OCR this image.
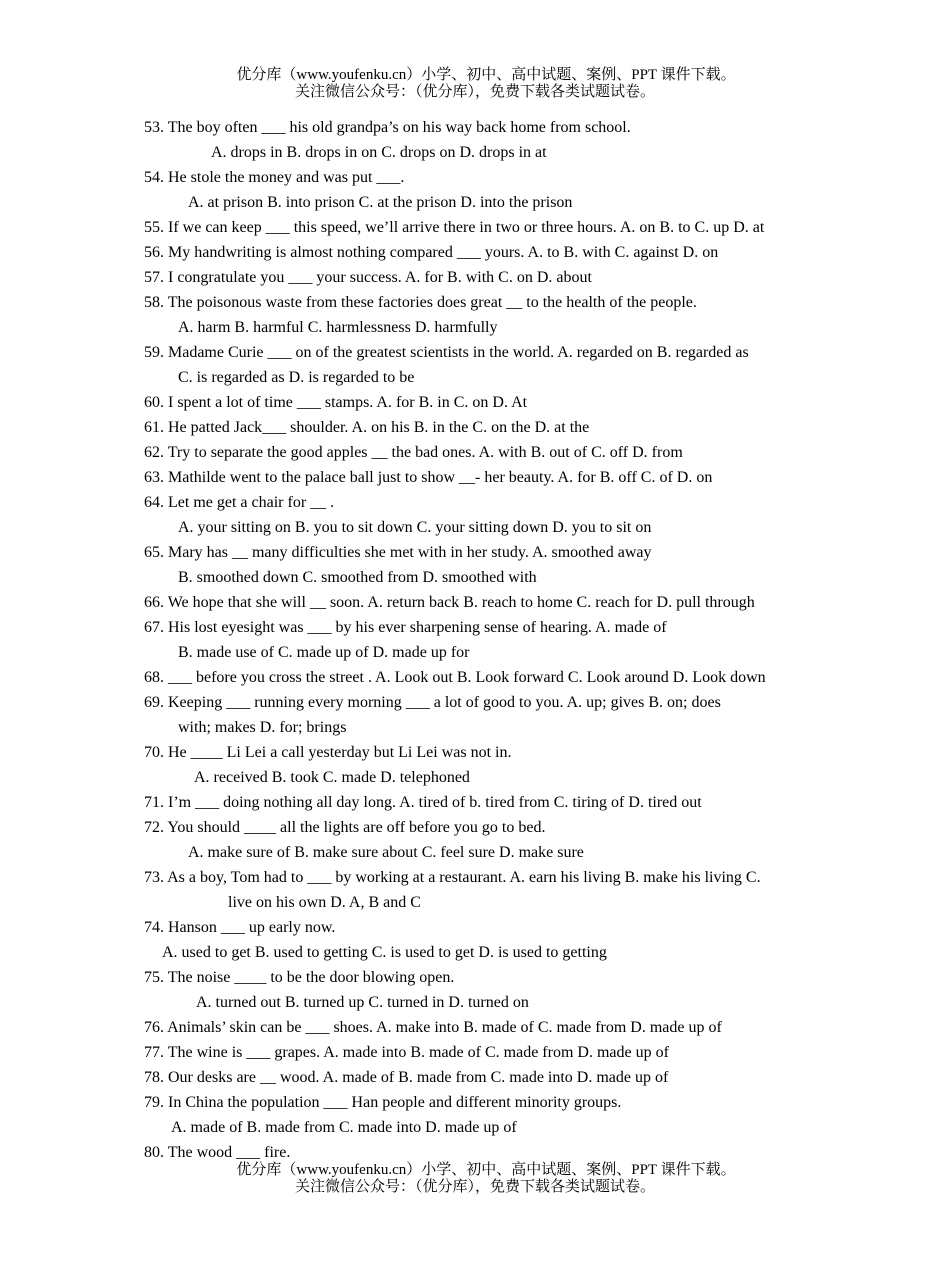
优分库（www.youfenku.cn）小学、初中、高中试题、案例、PPT 课件下载。
关注微信公众号：（优分库），免费下载各类试题试卷。
53. The boy often ___ his old grandpa’s on his way back home from school.
A. drops in B. drops in on C. drops on D. drops in at
54. He stole the money and was put ___.
A. at prison B. into prison C. at the prison D. into the prison
55. If we can keep ___ this speed, we’ll arrive there in two or three hours. A. on B. to C. up D. at
56. My handwriting is almost nothing compared ___ yours. A. to B. with C. against D. on
57. I congratulate you ___ your success. A. for B. with C. on D. about
58. The poisonous waste from these factories does great __ to the health of the people.
A. harm B. harmful C. harmlessness D. harmfully
59. Madame Curie ___ on of the greatest scientists in the world. A. regarded on B. regarded as
C. is regarded as D. is regarded to be
60. I spent a lot of time ___ stamps. A. for B. in C. on D. At
61. He patted Jack___ shoulder. A. on his B. in the C. on the D. at the
62. Try to separate the good apples __ the bad ones. A. with B. out of C. off D. from
63. Mathilde went to the palace ball just to show __- her beauty. A. for B. off C. of D. on
64. Let me get a chair for __ .
A. your sitting on B. you to sit down C. your sitting down D. you to sit on
65. Mary has __ many difficulties she met with in her study. A. smoothed away
B. smoothed down C. smoothed from D. smoothed with
66. We hope that she will __ soon. A. return back B. reach to home C. reach for D. pull through
67. His lost eyesight was ___ by his ever sharpening sense of hearing. A. made of
B. made use of C. made up of D. made up for
68. ___ before you cross the street . A. Look out B. Look forward C. Look around D. Look down
69. Keeping ___ running every morning ___ a lot of good to you. A. up; gives B. on; does
with; makes D. for; brings
70. He ____ Li Lei a call yesterday but Li Lei was not in.
A. received B. took C. made D. telephoned
71. I’m ___ doing nothing all day long. A. tired of b. tired from C. tiring of D. tired out
72. You should ____ all the lights are off before you go to bed.
A. make sure of B. make sure about C. feel sure D. make sure
73. As a boy, Tom had to ___ by working at a restaurant. A. earn his living B. make his living C.
live on his own D. A, B and C
74. Hanson ___ up early now.
A. used to get B. used to getting C. is used to get D. is used to getting
75. The noise ____ to be the door blowing open.
A. turned out B. turned up C. turned in D. turned on
76. Animals’ skin can be ___ shoes. A. make into B. made of C. made from D. made up of
77. The wine is ___ grapes. A. made into B. made of C. made from D. made up of
78. Our desks are __ wood. A. made of B. made from C. made into D. made up of
79. In China the population ___ Han people and different minority groups.
A. made of B. made from C. made into D. made up of
80. The wood ___ fire.
优分库（www.youfenku.cn）小学、初中、高中试题、案例、PPT 课件下载。
关注微信公众号：（优分库），免费下载各类试题试卷。
